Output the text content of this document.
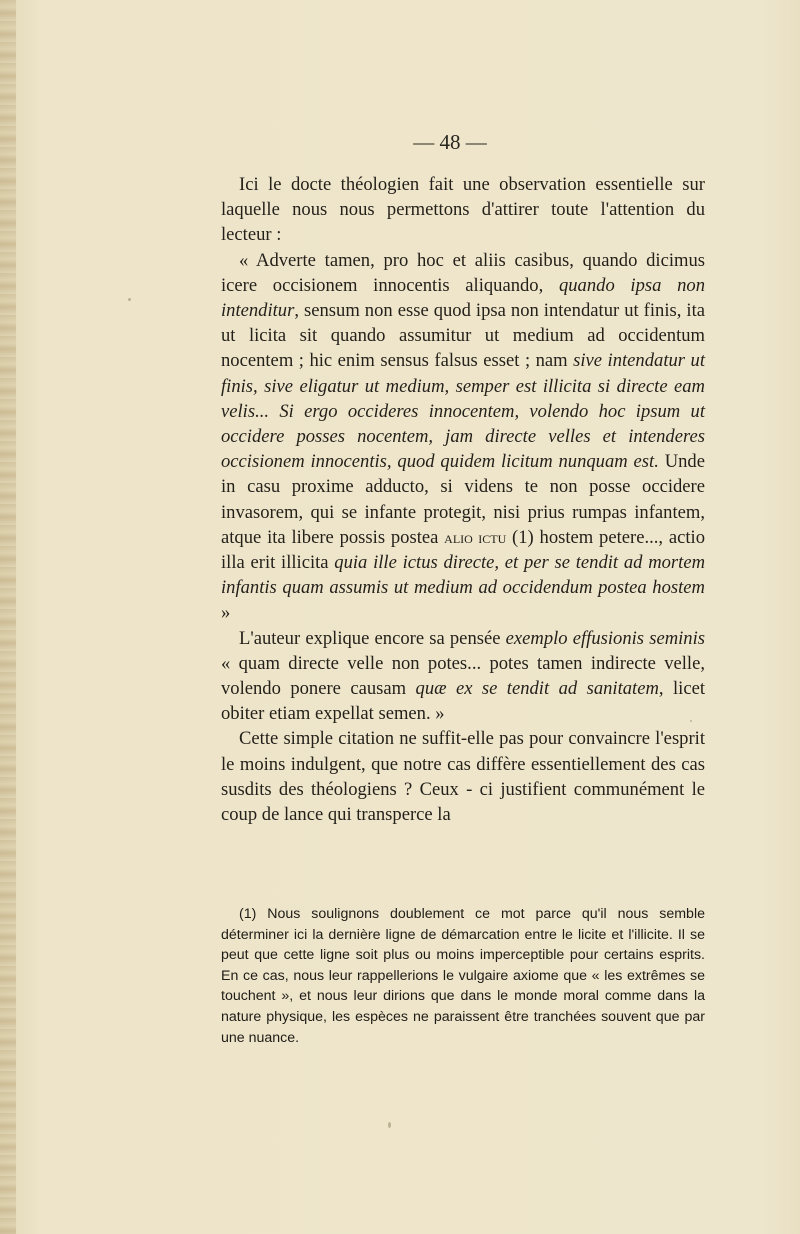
— 48 —

Ici le docte théologien fait une observation essentielle sur laquelle nous nous permettons d'attirer toute l'attention du lecteur :

« Adverte tamen, pro hoc et aliis casibus, quando dicimus icere occisionem innocentis aliquando, quando ipsa non intenditur, sensum non esse quod ipsa non intendatur ut finis, ita ut licita sit quando assumitur ut medium ad occidentum nocentem ; hic enim sensus falsus esset ; nam sive intendatur ut finis, sive eligatur ut medium, semper est illicita si directe eam velis... Si ergo occideres innocentem, volendo hoc ipsum ut occidere posses nocentem, jam directe velles et intenderes occisionem innocentis, quod quidem licitum nunquam est. Unde in casu proxime adducto, si videns te non posse occidere invasorem, qui se infante protegit, nisi prius rumpas infantem, atque ita libere possis postea alio ictu (1) hostem petere..., actio illa erit illicita quia ille ictus directe, et per se tendit ad mortem infantis quam assumis ut medium ad occidendum postea hostem »

L'auteur explique encore sa pensée exemplo effusionis seminis « quam directe velle non potes... potes tamen indirecte velle, volendo ponere causam quæ ex se tendit ad sanitatem, licet obiter etiam expellat semen. »

Cette simple citation ne suffit-elle pas pour convaincre l'esprit le moins indulgent, que notre cas diffère essentiellement des cas susdits des théologiens ? Ceux - ci justifient communément le coup de lance qui transperce la

(1) Nous soulignons doublement ce mot parce qu'il nous semble déterminer ici la dernière ligne de démarcation entre le licite et l'illicite. Il se peut que cette ligne soit plus ou moins imperceptible pour certains esprits. En ce cas, nous leur rappellerions le vulgaire axiome que « les extrêmes se touchent », et nous leur dirions que dans le monde moral comme dans la nature physique, les espèces ne paraissent être tranchées souvent que par une nuance.
